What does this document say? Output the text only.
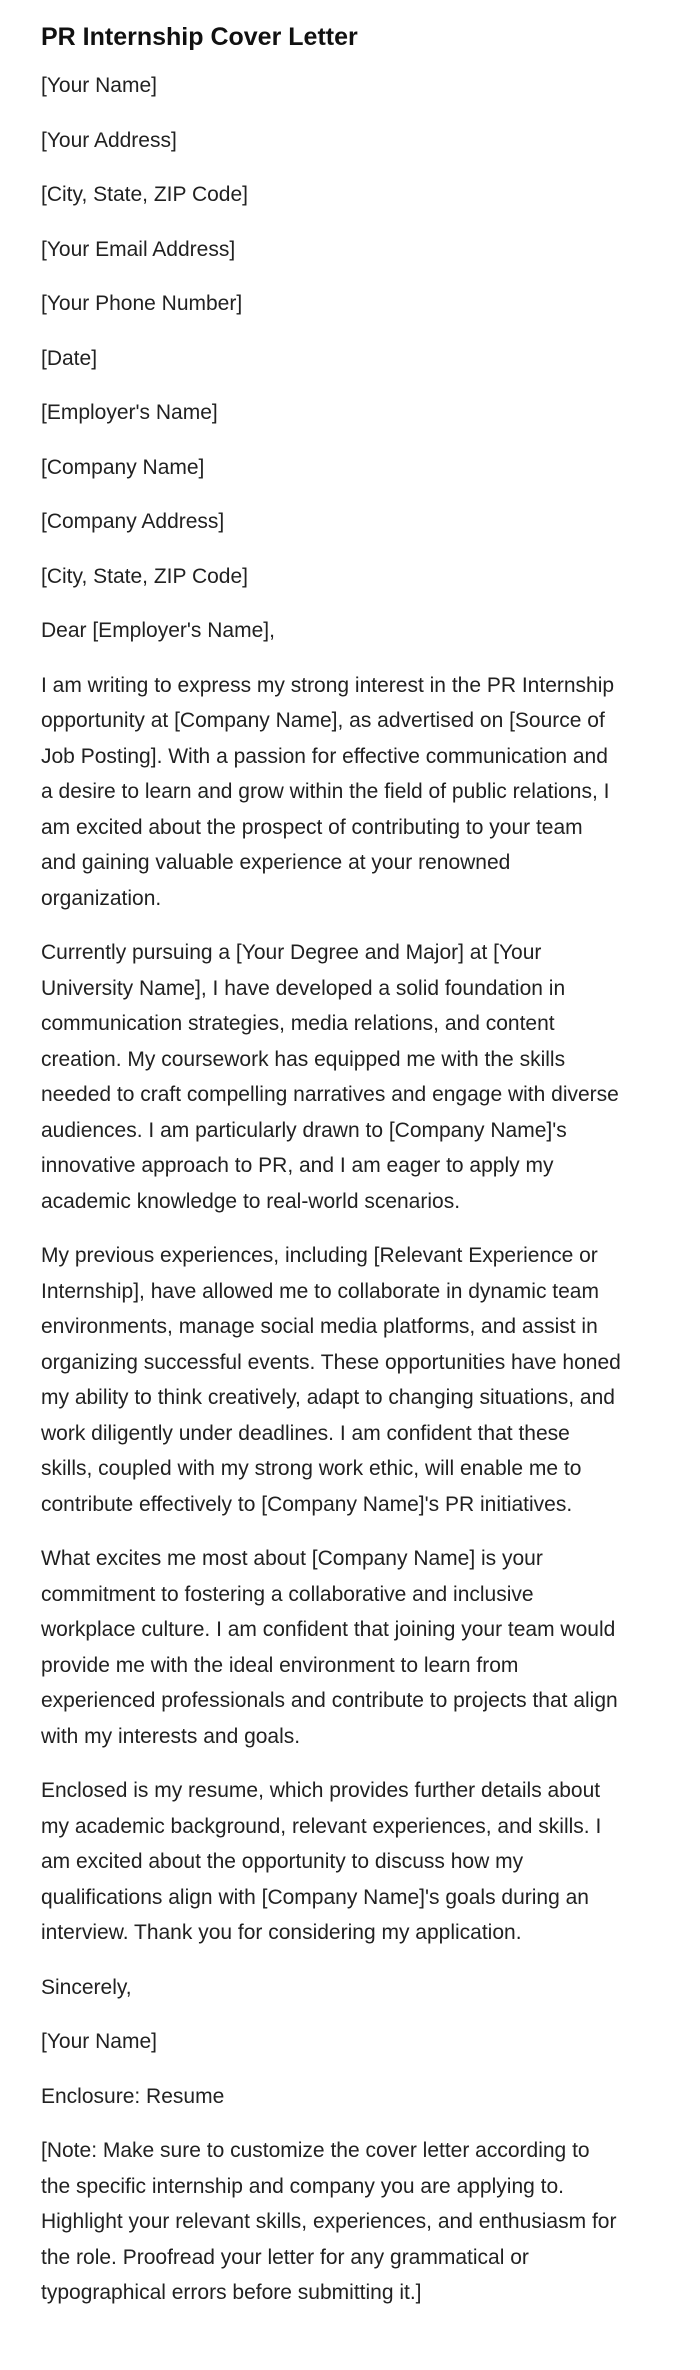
PR Internship Cover Letter

[Your Name]

[Your Address]

[City, State, ZIP Code]

[Your Email Address]

[Your Phone Number]

[Date]

[Employer's Name]

[Company Name]

[Company Address]

[City, State, ZIP Code]

Dear [Employer's Name],

I am writing to express my strong interest in the PR Internship opportunity at [Company Name], as advertised on [Source of Job Posting]. With a passion for effective communication and a desire to learn and grow within the field of public relations, I am excited about the prospect of contributing to your team and gaining valuable experience at your renowned organization.

Currently pursuing a [Your Degree and Major] at [Your University Name], I have developed a solid foundation in communication strategies, media relations, and content creation. My coursework has equipped me with the skills needed to craft compelling narratives and engage with diverse audiences. I am particularly drawn to [Company Name]'s innovative approach to PR, and I am eager to apply my academic knowledge to real-world scenarios.

My previous experiences, including [Relevant Experience or Internship], have allowed me to collaborate in dynamic team environments, manage social media platforms, and assist in organizing successful events. These opportunities have honed my ability to think creatively, adapt to changing situations, and work diligently under deadlines. I am confident that these skills, coupled with my strong work ethic, will enable me to contribute effectively to [Company Name]'s PR initiatives.

What excites me most about [Company Name] is your commitment to fostering a collaborative and inclusive workplace culture. I am confident that joining your team would provide me with the ideal environment to learn from experienced professionals and contribute to projects that align with my interests and goals.

Enclosed is my resume, which provides further details about my academic background, relevant experiences, and skills. I am excited about the opportunity to discuss how my qualifications align with [Company Name]'s goals during an interview. Thank you for considering my application.

Sincerely,

[Your Name]

Enclosure: Resume

[Note: Make sure to customize the cover letter according to the specific internship and company you are applying to. Highlight your relevant skills, experiences, and enthusiasm for the role. Proofread your letter for any grammatical or typographical errors before submitting it.]
